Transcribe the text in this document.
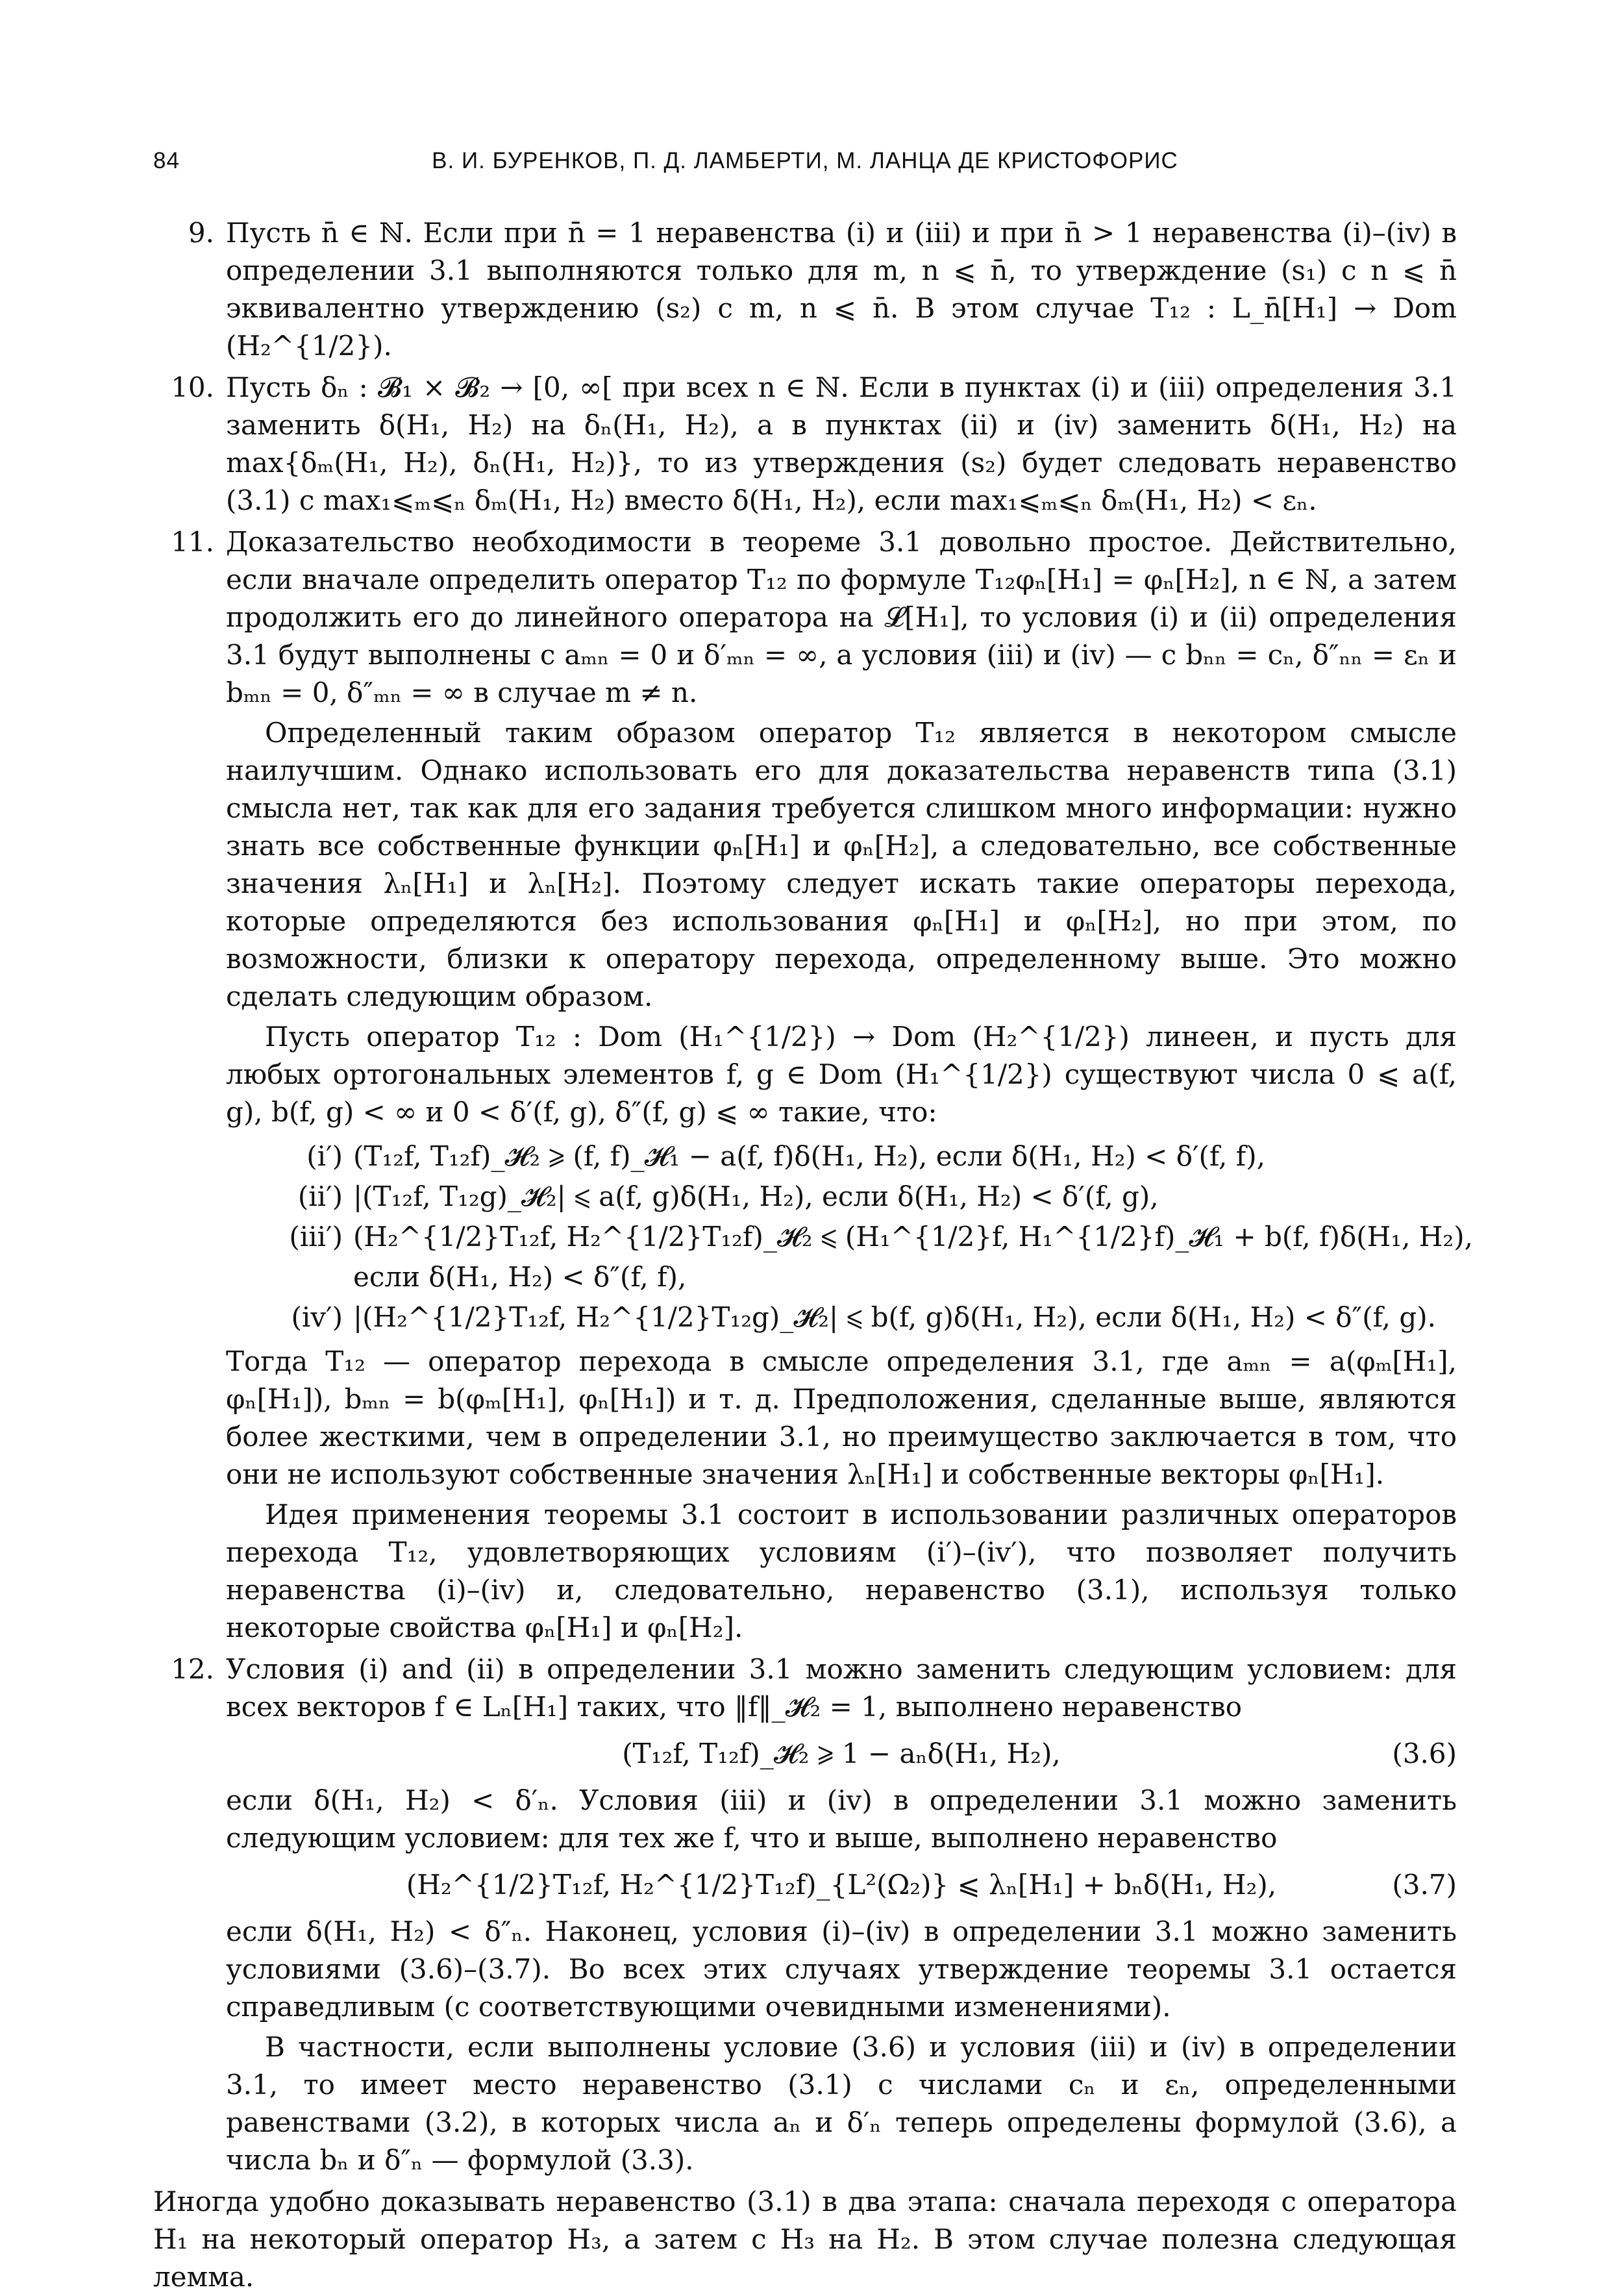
84	В. И. БУРЕНКОВ, П. Д. ЛАМБЕРТИ, М. ЛАНЦА ДЕ КРИСТОФОРИС
9. Пусть n̄ ∈ ℕ. Если при n̄ = 1 неравенства (i) и (iii) и при n̄ > 1 неравенства (i)–(iv) в определении 3.1 выполняются только для m, n ⩽ n̄, то утверждение (s₁) с n ⩽ n̄ эквивалентно утверждению (s₂) с m, n ⩽ n̄. В этом случае T₁₂ : L_n̄[H₁] → Dom (H₂^{1/2}).

10. Пусть δₙ : 𝓑₁ × 𝓑₂ → [0, ∞[ при всех n ∈ ℕ. Если в пунктах (i) и (iii) определения 3.1 заменить δ(H₁, H₂) на δₙ(H₁, H₂), а в пунктах (ii) и (iv) заменить δ(H₁, H₂) на max{δₘ(H₁, H₂), δₙ(H₁, H₂)}, то из утверждения (s₂) будет следовать неравенство (3.1) с max₁⩽ₘ⩽ₙ δₘ(H₁, H₂) вместо δ(H₁, H₂), если max₁⩽ₘ⩽ₙ δₘ(H₁, H₂) < εₙ.

11. Доказательство необходимости в теореме 3.1 довольно простое. Действительно, если вначале определить оператор T₁₂ по формуле T₁₂φₙ[H₁] = φₙ[H₂], n ∈ ℕ, а затем продолжить его до линейного оператора на 𝓛[H₁], то условия (i) и (ii) определения 3.1 будут выполнены с aₘₙ = 0 и δ′ₘₙ = ∞, а условия (iii) и (iv) — с bₙₙ = cₙ, δ″ₙₙ = εₙ и bₘₙ = 0, δ″ₘₙ = ∞ в случае m ≠ n.

Определенный таким образом оператор T₁₂ является в некотором смысле наилучшим. Однако использовать его для доказательства неравенств типа (3.1) смысла нет, так как для его задания требуется слишком много информации: нужно знать все собственные функции φₙ[H₁] и φₙ[H₂], а следовательно, все собственные значения λₙ[H₁] и λₙ[H₂]. Поэтому следует искать такие операторы перехода, которые определяются без использования φₙ[H₁] и φₙ[H₂], но при этом, по возможности, близки к оператору перехода, определенному выше. Это можно сделать следующим образом.

Пусть оператор T₁₂ : Dom (H₁^{1/2}) → Dom (H₂^{1/2}) линеен, и пусть для любых ортогональных элементов f, g ∈ Dom (H₁^{1/2}) существуют числа 0 ⩽ a(f, g), b(f, g) < ∞ и 0 < δ′(f, g), δ″(f, g) ⩽ ∞ такие, что:

(i′) (T₁₂f, T₁₂f)_𝓗₂ ⩾ (f, f)_𝓗₁ − a(f, f)δ(H₁, H₂), если δ(H₁, H₂) < δ′(f, f),
(ii′) |(T₁₂f, T₁₂g)_𝓗₂| ⩽ a(f, g)δ(H₁, H₂), если δ(H₁, H₂) < δ′(f, g),
(iii′) (H₂^{1/2}T₁₂f, H₂^{1/2}T₁₂f)_𝓗₂ ⩽ (H₁^{1/2}f, H₁^{1/2}f)_𝓗₁ + b(f, f)δ(H₁, H₂),
если δ(H₁, H₂) < δ″(f, f),
(iv′) |(H₂^{1/2}T₁₂f, H₂^{1/2}T₁₂g)_𝓗₂| ⩽ b(f, g)δ(H₁, H₂), если δ(H₁, H₂) < δ″(f, g).

Тогда T₁₂ — оператор перехода в смысле определения 3.1, где aₘₙ = a(φₘ[H₁], φₙ[H₁]), bₘₙ = b(φₘ[H₁], φₙ[H₁]) и т. д. Предположения, сделанные выше, являются более жесткими, чем в определении 3.1, но преимущество заключается в том, что они не используют собственные значения λₙ[H₁] и собственные векторы φₙ[H₁].

Идея применения теоремы 3.1 состоит в использовании различных операторов перехода T₁₂, удовлетворяющих условиям (i′)–(iv′), что позволяет получить неравенства (i)–(iv) и, следовательно, неравенство (3.1), используя только некоторые свойства φₙ[H₁] и φₙ[H₂].

12. Условия (i) and (ii) в определении 3.1 можно заменить следующим условием: для всех векторов f ∈ Lₙ[H₁] таких, что ‖f‖_𝓗₂ = 1, выполнено неравенство

(T₁₂f, T₁₂f)_𝓗₂ ⩾ 1 − aₙδ(H₁, H₂),	(3.6)

если δ(H₁, H₂) < δ′ₙ. Условия (iii) и (iv) в определении 3.1 можно заменить следующим условием: для тех же f, что и выше, выполнено неравенство

(H₂^{1/2}T₁₂f, H₂^{1/2}T₁₂f)_{L²(Ω₂)} ⩽ λₙ[H₁] + bₙδ(H₁, H₂),	(3.7)

если δ(H₁, H₂) < δ″ₙ. Наконец, условия (i)–(iv) в определении 3.1 можно заменить условиями (3.6)–(3.7). Во всех этих случаях утверждение теоремы 3.1 остается справедливым (с соответствующими очевидными изменениями).

В частности, если выполнены условие (3.6) и условия (iii) и (iv) в определении 3.1, то имеет место неравенство (3.1) с числами cₙ и εₙ, определенными равенствами (3.2), в которых числа aₙ и δ′ₙ теперь определены формулой (3.6), а числа bₙ и δ″ₙ — формулой (3.3).

Иногда удобно доказывать неравенство (3.1) в два этапа: сначала переходя с оператора H₁ на некоторый оператор H₃, а затем с H₃ на H₂. В этом случае полезна следующая лемма.
